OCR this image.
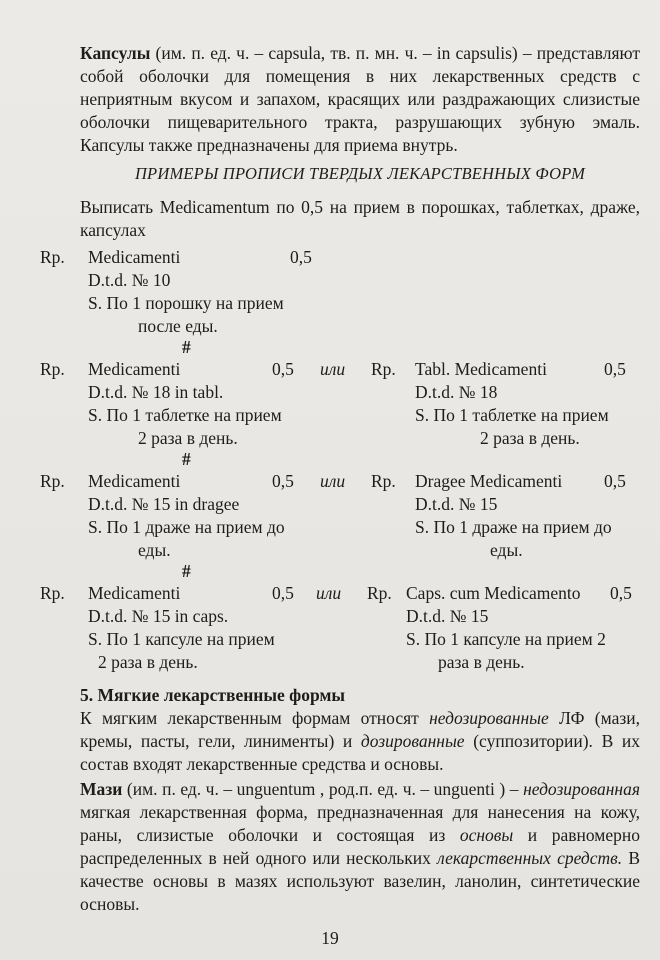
Капсулы (им. п. ед. ч. – capsula, тв. п. мн. ч. – in capsulis) – представляют собой оболочки для помещения в них лекарственных средств с неприятным вкусом и запахом, красящих или раздражающих слизистые оболочки пищеварительного тракта, разрушающих зубную эмаль. Капсулы также предназначены для приема внутрь.
ПРИМЕРЫ ПРОПИСИ ТВЕРДЫХ ЛЕКАРСТВЕННЫХ ФОРМ
Выписать Medicamentum по 0,5 на прием в порошках, таблетках, драже, капсулах
Rp. Medicamenti	0,5
D.t.d. № 10
S. По 1 порошку на прием
после еды.
#
Rp. Medicamenti	0,5 или Rp. Tabl. Medicamenti	0,5
D.t.d. № 18 in tabl.	D.t.d. № 18
S. По 1 таблетке на прием	S. По 1 таблетке на прием
2 раза в день.	2 раза в день.
#
Rp. Medicamenti	0,5 или Rp. Dragee Medicamenti 0,5
D.t.d. № 15 in dragee	D.t.d. № 15
S. По 1 драже на прием до	S. По 1 драже на прием до
еды.	еды.
#
Rp. Medicamenti	0,5 или Rp. Caps. cum Medicamento 0,5
D.t.d. № 15 in caps.	D.t.d. № 15
S. По 1 капсуле на прием	S. По 1 капсуле на прием 2
2 раза в день.	раза в день.
5. Мягкие лекарственные формы
К мягким лекарственным формам относят недозированные ЛФ (мази, кремы, пасты, гели, линименты) и дозированные (суппозитории). В их состав входят лекарственные средства и основы.
Мази (им. п. ед. ч. – unguentum , род.п. ед. ч. – unguenti ) – недозированная мягкая лекарственная форма, предназначенная для нанесения на кожу, раны, слизистые оболочки и состоящая из основы и равномерно распределенных в ней одного или нескольких лекарственных средств. В качестве основы в мазях используют вазелин, ланолин, синтетические основы.
19
